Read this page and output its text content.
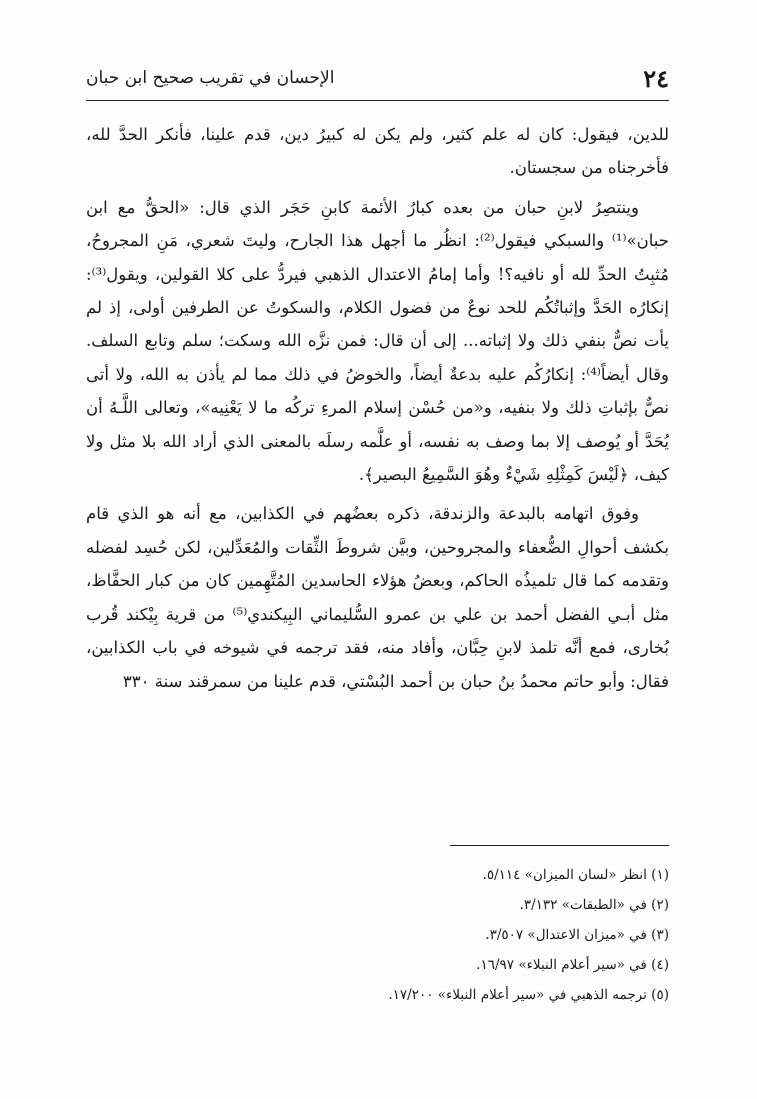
٢٤
الإحسان في تقريب صحيح ابن حبان

للدين، فيقول: كان له علم كثير، ولم يكن له كبيرُ دين، قدم علينا، فأنكر الحدَّ لله، فأخرجناه من سجستان.

وينتصِرُ لابنِ حبان من بعده كبارُ الأئمة كابنِ حَجَر الذي قال: «الحقُّ مع ابن حبان»⁽¹⁾ والسبكي فيقول⁽²⁾: انظُر ما أجهل هذا الجارح، وليتَ شعري، مَنِ المجروحُ، مُثبِتُ الحدِّ لله أو نافيه؟! وأما إمامُ الاعتدال الذهبي فيردُّ على كلا القولين، ويقول⁽³⁾: إنكارُه الحَدَّ وإثباتُكُم للحد نوعٌ من فضول الكلام، والسكوتُ عن الطرفين أولى، إذ لم يأت نصٌّ بنفي ذلك ولا إثباته... إلى أن قال: فمن نزَّه الله وسكت؛ سلم وتابع السلف. وقال أيضاً⁽⁴⁾: إنكارُكُم عليه بدعةٌ أيضاً، والخوضُ في ذلك مما لم يأذن به الله، ولا أتى نصٌّ بإثباتِ ذلك ولا بنفيه، و«من حُسْن إسلام المرءِ تركُه ما لا يَعْنِيه»، وتعالى اللَّـهُ أن يُحَدَّ أو يُوصف إلا بما وصف به نفسه، أو علَّمه رسلَه بالمعنى الذي أراد الله بلا مثل ولا كيف، ﴿لَيْسَ كَمِثْلِهِ شَيْءٌ وهُوَ السَّمِيعُ البصير﴾.

وفوق اتهامه بالبدعة والزندقة، ذكره بعضُهم في الكذابين، مع أنه هو الذي قام بكشف أحوالِ الضُّعفاء والمجروحين، وبيَّن شروطَ الثِّقات والمُعَدِّلين، لكن حُسِد لفضله وتقدمه كما قال تلميذُه الحاكم، وبعضُ هؤلاء الحاسدين المُتَّهِمين كان من كبار الحفَّاظ، مثل أبـي الفضل أحمد بن علي بن عمرو السُّليماني البِيكندي⁽⁵⁾ من قرية بِيْكند قُرب بُخارى، فمع أنَّه تلمذ لابنِ حِبَّان، وأفاد منه، فقد ترجمه في شيوخه في باب الكذابين، فقال: وأبو حاتم محمدُ بنُ حبان بن أحمد البُسْتي، قدم علينا من سمرقند سنة ٣٣٠

(١) انظر «لسان الميزان» ٥/١١٤.

(٢) في «الطبقات» ٣/١٣٢.

(٣) في «ميزان الاعتدال» ٣/٥٠٧.

(٤) في «سير أعلام النبلاء» ١٦/٩٧.

(٥) ترجمه الذهبي في «سير أعلام النبلاء» ١٧/٢٠٠.
